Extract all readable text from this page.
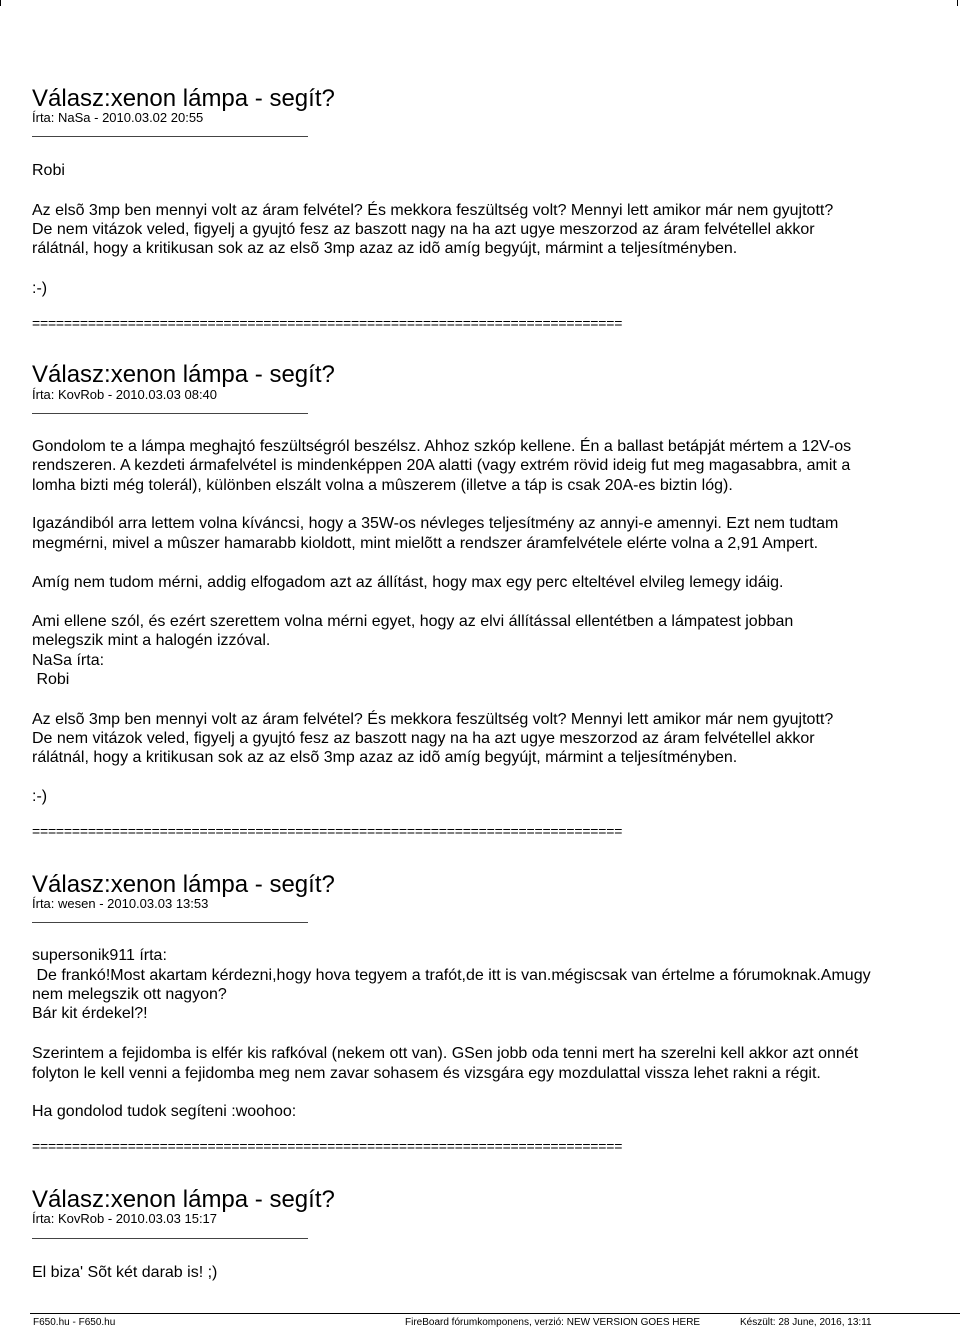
Válasz:xenon lámpa - segít?
Írta: NaSa - 2010.03.02 20:55
Robi
Az elsõ 3mp ben mennyi volt az áram felvétel? És mekkora feszültség volt? Mennyi lett amikor már nem gyujtott?
De nem vitázok veled, figyelj a gyujtó fesz az baszott nagy na ha azt ugye meszorzod az áram felvétellel akkor
rálátnál, hogy a kritikusan sok az az elsõ 3mp azaz az idõ amíg begyújt, mármint a teljesítményben.
:-)
==========================================================================
Válasz:xenon lámpa - segít?
Írta: KovRob - 2010.03.03 08:40
Gondolom te a lámpa meghajtó feszültségról beszélsz. Ahhoz szkóp kellene. Én a ballast betápját mértem a 12V-os
rendszeren. A kezdeti ármafelvétel is mindenképpen 20A alatti (vagy extrém rövid ideig fut meg magasabbra, amit a
lomha bizti még tolerál), különben elszált volna a mûszerem (illetve a táp is csak 20A-es biztin lóg).
Igazándiból arra lettem volna kíváncsi, hogy a 35W-os névleges teljesítmény az annyi-e amennyi. Ezt nem tudtam
megmérni, mivel a mûszer hamarabb kioldott, mint mielõtt a rendszer áramfelvétele elérte volna a 2,91 Ampert.
Amíg nem tudom mérni, addig elfogadom azt az állítást, hogy max egy perc elteltével elvileg lemegy idáig.
Ami ellene szól, és ezért szerettem volna mérni egyet, hogy az elvi állítással ellentétben a lámpatest jobban
melegszik mint a halogén izzóval.
NaSa írta:
Robi
Az elsõ 3mp ben mennyi volt az áram felvétel? És mekkora feszültség volt? Mennyi lett amikor már nem gyujtott?
De nem vitázok veled, figyelj a gyujtó fesz az baszott nagy na ha azt ugye meszorzod az áram felvétellel akkor
rálátnál, hogy a kritikusan sok az az elsõ 3mp azaz az idõ amíg begyújt, mármint a teljesítményben.
:-)
==========================================================================
Válasz:xenon lámpa - segít?
Írta: wesen - 2010.03.03 13:53
supersonik911 írta:
De frankó!Most akartam kérdezni,hogy hova tegyem a trafót,de itt is van.mégiscsak van értelme a fórumoknak.Amugy
nem melegszik ott nagyon?
Bár kit érdekel?!
Szerintem a fejidomba is elfér kis rafkóval (nekem ott van). GSen jobb oda tenni mert ha szerelni kell akkor azt onnét
folyton le kell venni a fejidomba meg nem zavar sohasem és vizsgára egy mozdulattal vissza lehet rakni a régit.
Ha gondolod tudok segíteni :woohoo:
==========================================================================
Válasz:xenon lámpa - segít?
Írta: KovRob - 2010.03.03 15:17
El biza' Sõt két darab is! ;)
F650.hu - F650.hu	FireBoard fórumkomponens, verzió: NEW VERSION GOES HERE	Készült: 28 June, 2016, 13:11
